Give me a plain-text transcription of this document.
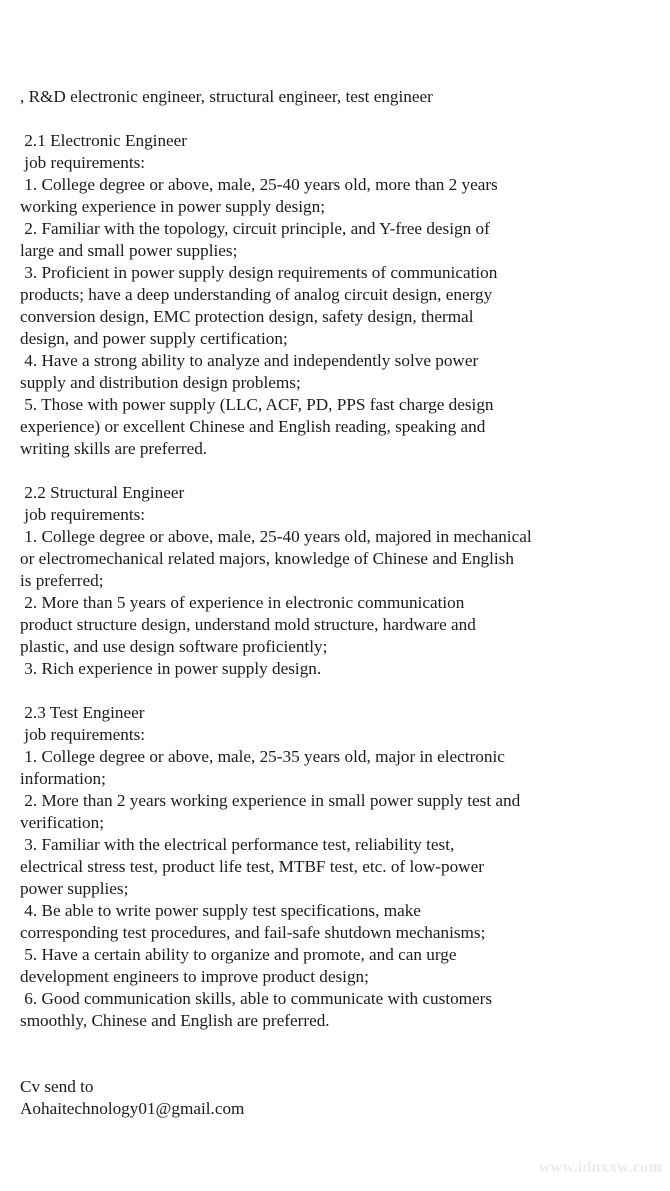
, R&D electronic engineer, structural engineer, test engineer
2.1 Electronic Engineer
job requirements:
1. College degree or above, male, 25-40 years old, more than 2 years
working experience in power supply design;
2. Familiar with the topology, circuit principle, and Y-free design of
large and small power supplies;
3. Proficient in power supply design requirements of communication
products; have a deep understanding of analog circuit design, energy
conversion design, EMC protection design, safety design, thermal
design, and power supply certification;
4. Have a strong ability to analyze and independently solve power
supply and distribution design problems;
5. Those with power supply (LLC, ACF, PD, PPS fast charge design
experience) or excellent Chinese and English reading, speaking and
writing skills are preferred.
2.2 Structural Engineer
job requirements:
1. College degree or above, male, 25-40 years old, majored in mechanical
or electromechanical related majors, knowledge of Chinese and English
is preferred;
2. More than 5 years of experience in electronic communication
product structure design, understand mold structure, hardware and
plastic, and use design software proficiently;
3. Rich experience in power supply design.
2.3 Test Engineer
job requirements:
1. College degree or above, male, 25-35 years old, major in electronic
information;
2. More than 2 years working experience in small power supply test and
verification;
3. Familiar with the electrical performance test, reliability test,
electrical stress test, product life test, MTBF test, etc. of low-power
power supplies;
4. Be able to write power supply test specifications, make
corresponding test procedures, and fail-safe shutdown mechanisms;
5. Have a certain ability to organize and promote, and can urge
development engineers to improve product design;
6. Good communication skills, able to communicate with customers
smoothly, Chinese and English are preferred.
Cv send to
Aohaitechnology01@gmail.com
www.idnxxw.com
